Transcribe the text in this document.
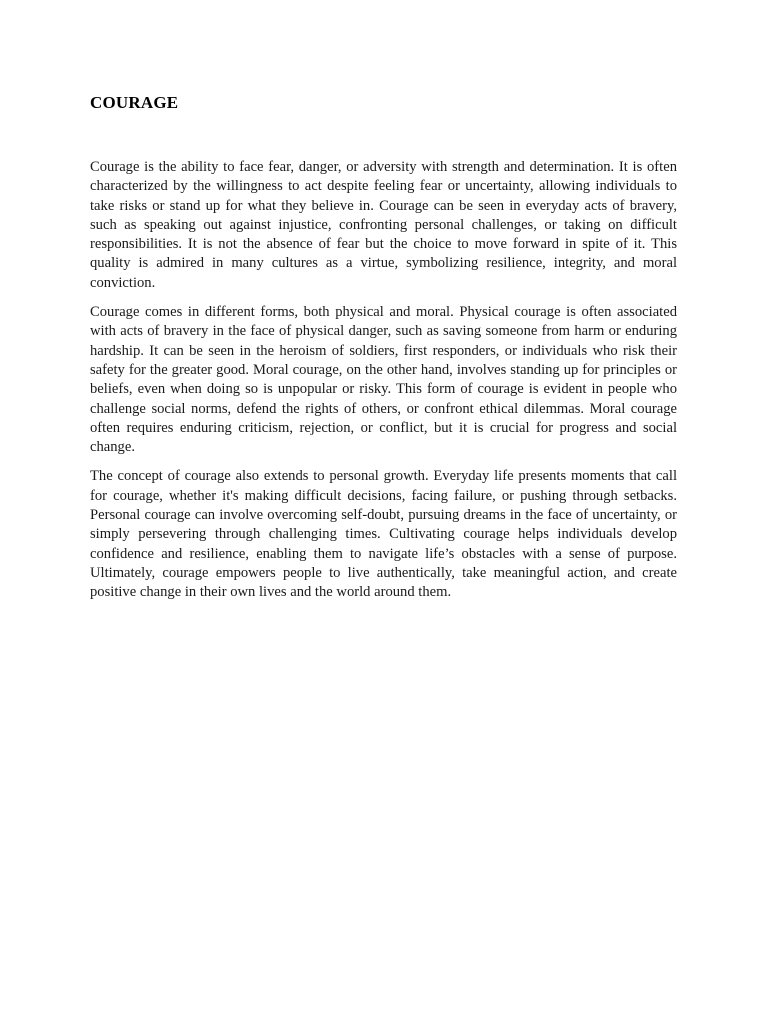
COURAGE

Courage is the ability to face fear, danger, or adversity with strength and determination. It is often characterized by the willingness to act despite feeling fear or uncertainty, allowing individuals to take risks or stand up for what they believe in. Courage can be seen in everyday acts of bravery, such as speaking out against injustice, confronting personal challenges, or taking on difficult responsibilities. It is not the absence of fear but the choice to move forward in spite of it. This quality is admired in many cultures as a virtue, symbolizing resilience, integrity, and moral conviction.

Courage comes in different forms, both physical and moral. Physical courage is often associated with acts of bravery in the face of physical danger, such as saving someone from harm or enduring hardship. It can be seen in the heroism of soldiers, first responders, or individuals who risk their safety for the greater good. Moral courage, on the other hand, involves standing up for principles or beliefs, even when doing so is unpopular or risky. This form of courage is evident in people who challenge social norms, defend the rights of others, or confront ethical dilemmas. Moral courage often requires enduring criticism, rejection, or conflict, but it is crucial for progress and social change.

The concept of courage also extends to personal growth. Everyday life presents moments that call for courage, whether it's making difficult decisions, facing failure, or pushing through setbacks. Personal courage can involve overcoming self-doubt, pursuing dreams in the face of uncertainty, or simply persevering through challenging times. Cultivating courage helps individuals develop confidence and resilience, enabling them to navigate life’s obstacles with a sense of purpose. Ultimately, courage empowers people to live authentically, take meaningful action, and create positive change in their own lives and the world around them.
